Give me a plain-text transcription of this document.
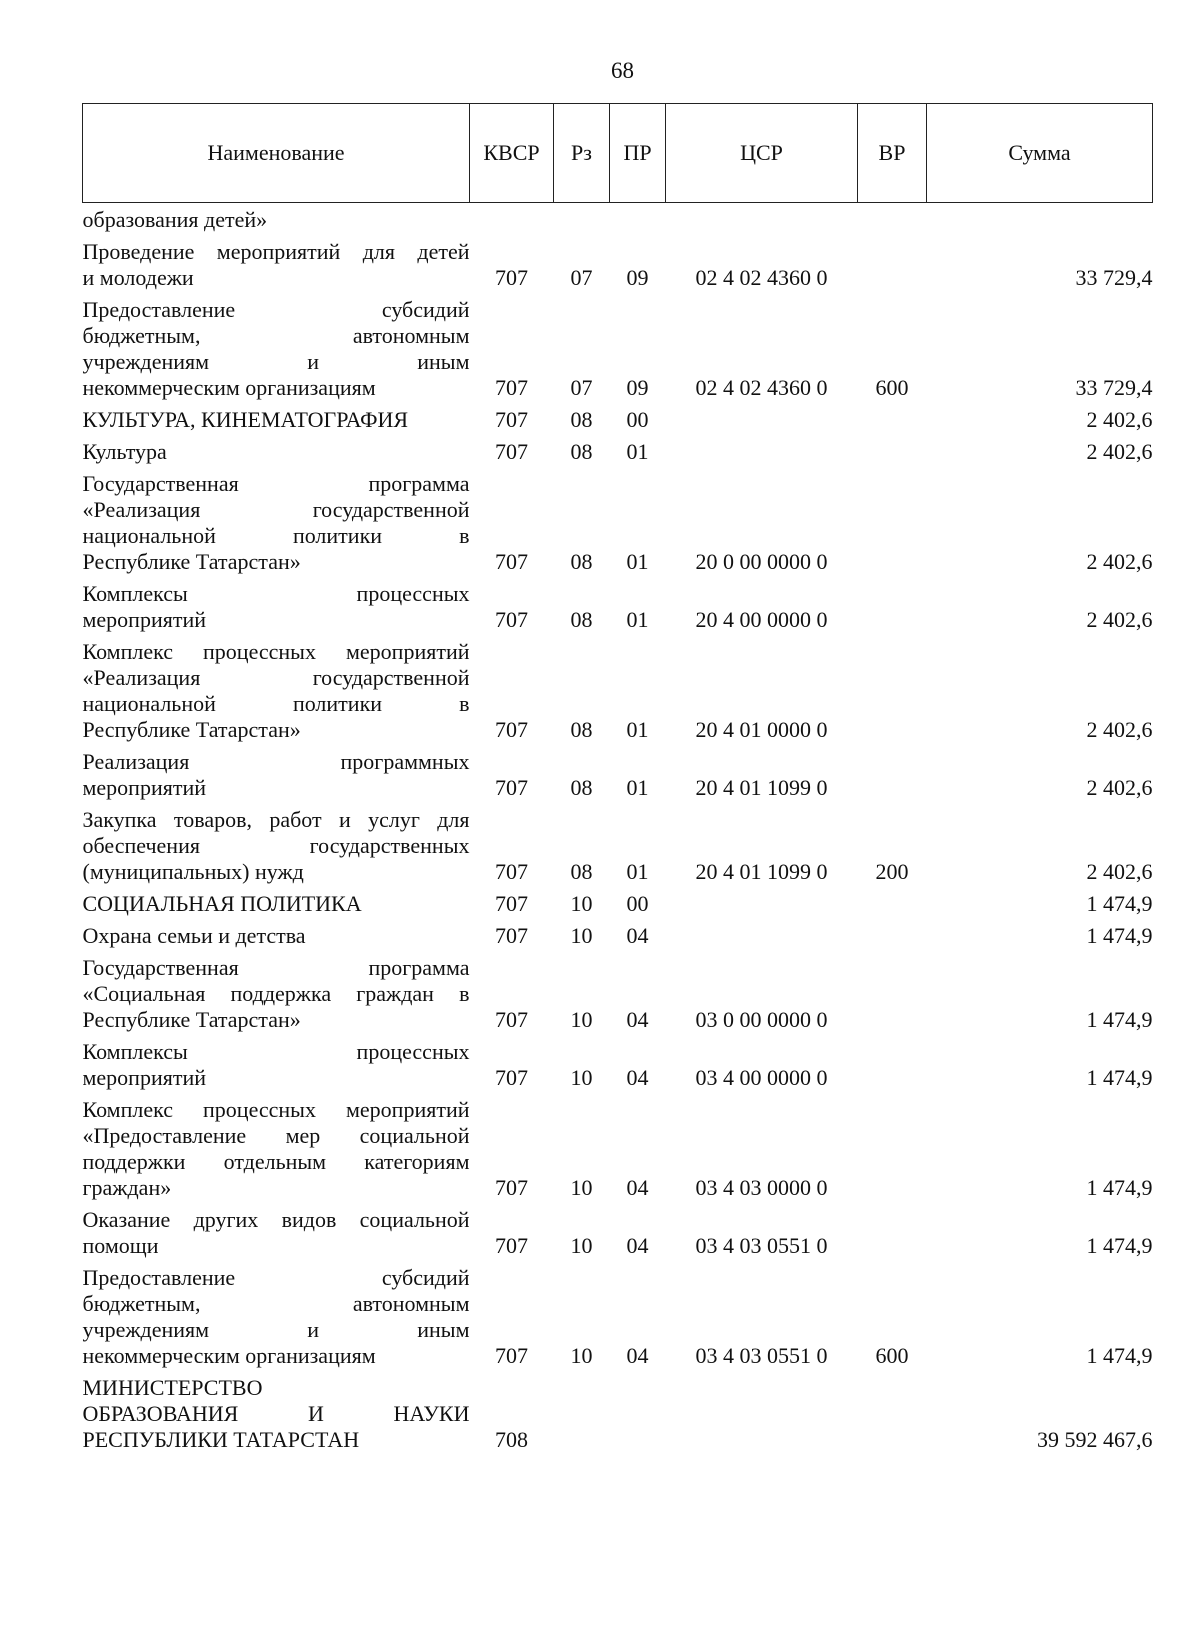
68
Наименование	КВСР	Рз	ПР	ЦСР	ВР	Сумма

образования детей»						

Проведение мероприятий для детей
и молодежи	707	07	09	02 4 02 4360 0		33 729,4

Предоставление субсидий
бюджетным, автономным
учреждениям и иным
некоммерческим организациям	707	07	09	02 4 02 4360 0	600	33 729,4

КУЛЬТУРА, КИНЕМАТОГРАФИЯ	707	08	00			2 402,6

Культура	707	08	01			2 402,6

Государственная программа
«Реализация государственной
национальной политики в
Республике Татарстан»	707	08	01	20 0 00 0000 0		2 402,6

Комплексы процессных
мероприятий	707	08	01	20 4 00 0000 0		2 402,6

Комплекс процессных мероприятий
«Реализация государственной
национальной политики в
Республике Татарстан»	707	08	01	20 4 01 0000 0		2 402,6

Реализация программных
мероприятий	707	08	01	20 4 01 1099 0		2 402,6

Закупка товаров, работ и услуг для
обеспечения государственных
(муниципальных) нужд	707	08	01	20 4 01 1099 0	200	2 402,6

СОЦИАЛЬНАЯ ПОЛИТИКА	707	10	00			1 474,9

Охрана семьи и детства	707	10	04			1 474,9

Государственная программа
«Социальная поддержка граждан в
Республике Татарстан»	707	10	04	03 0 00 0000 0		1 474,9

Комплексы процессных
мероприятий	707	10	04	03 4 00 0000 0		1 474,9

Комплекс процессных мероприятий
«Предоставление мер социальной
поддержки отдельным категориям
граждан»	707	10	04	03 4 03 0000 0		1 474,9

Оказание других видов социальной
помощи	707	10	04	03 4 03 0551 0		1 474,9

Предоставление субсидий
бюджетным, автономным
учреждениям и иным
некоммерческим организациям	707	10	04	03 4 03 0551 0	600	1 474,9

МИНИСТЕРСТВО
ОБРАЗОВАНИЯ И НАУКИ
РЕСПУБЛИКИ ТАТАРСТАН	708					39 592 467,6
